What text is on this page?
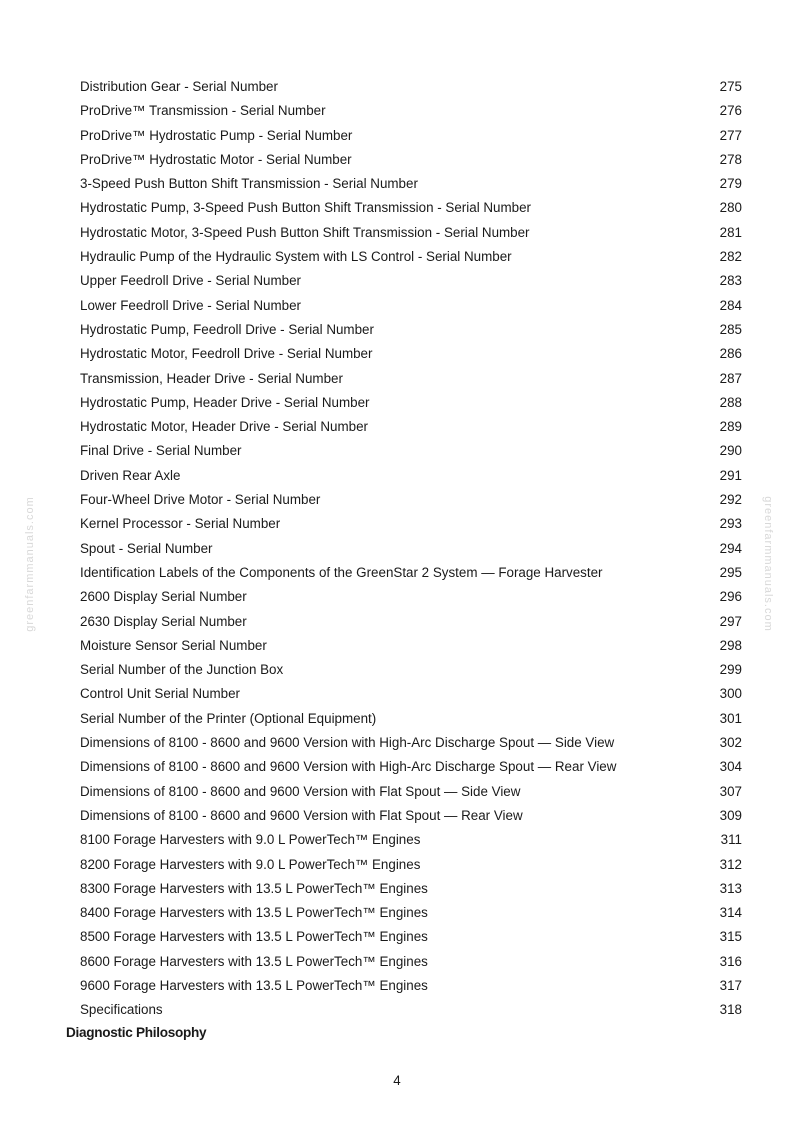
greenfarmmanuals.com	greenfarmmanuals.com
Distribution Gear - Serial Number	275
ProDrive™ Transmission - Serial Number	276
ProDrive™ Hydrostatic Pump - Serial Number	277
ProDrive™ Hydrostatic Motor - Serial Number	278
3-Speed Push Button Shift Transmission - Serial Number	279
Hydrostatic Pump, 3-Speed Push Button Shift Transmission - Serial Number	280
Hydrostatic Motor, 3-Speed Push Button Shift Transmission - Serial Number	281
Hydraulic Pump of the Hydraulic System with LS Control - Serial Number	282
Upper Feedroll Drive - Serial Number	283
Lower Feedroll Drive - Serial Number	284
Hydrostatic Pump, Feedroll Drive - Serial Number	285
Hydrostatic Motor, Feedroll Drive - Serial Number	286
Transmission, Header Drive - Serial Number	287
Hydrostatic Pump, Header Drive - Serial Number	288
Hydrostatic Motor, Header Drive - Serial Number	289
Final Drive - Serial Number	290
Driven Rear Axle	291
Four-Wheel Drive Motor - Serial Number	292
Kernel Processor - Serial Number	293
Spout - Serial Number	294
Identification Labels of the Components of the GreenStar 2 System — Forage Harvester	295
2600 Display Serial Number	296
2630 Display Serial Number	297
Moisture Sensor Serial Number	298
Serial Number of the Junction Box	299
Control Unit Serial Number	300
Serial Number of the Printer (Optional Equipment)	301
Dimensions of 8100 - 8600 and 9600 Version with High-Arc Discharge Spout — Side View	302
Dimensions of 8100 - 8600 and 9600 Version with High-Arc Discharge Spout — Rear View	304
Dimensions of 8100 - 8600 and 9600 Version with Flat Spout — Side View	307
Dimensions of 8100 - 8600 and 9600 Version with Flat Spout — Rear View	309
8100 Forage Harvesters with 9.0 L PowerTech™ Engines	311
8200 Forage Harvesters with 9.0 L PowerTech™ Engines	312
8300 Forage Harvesters with 13.5 L PowerTech™ Engines	313
8400 Forage Harvesters with 13.5 L PowerTech™ Engines	314
8500 Forage Harvesters with 13.5 L PowerTech™ Engines	315
8600 Forage Harvesters with 13.5 L PowerTech™ Engines	316
9600 Forage Harvesters with 13.5 L PowerTech™ Engines	317
Specifications	318
Diagnostic Philosophy
4
